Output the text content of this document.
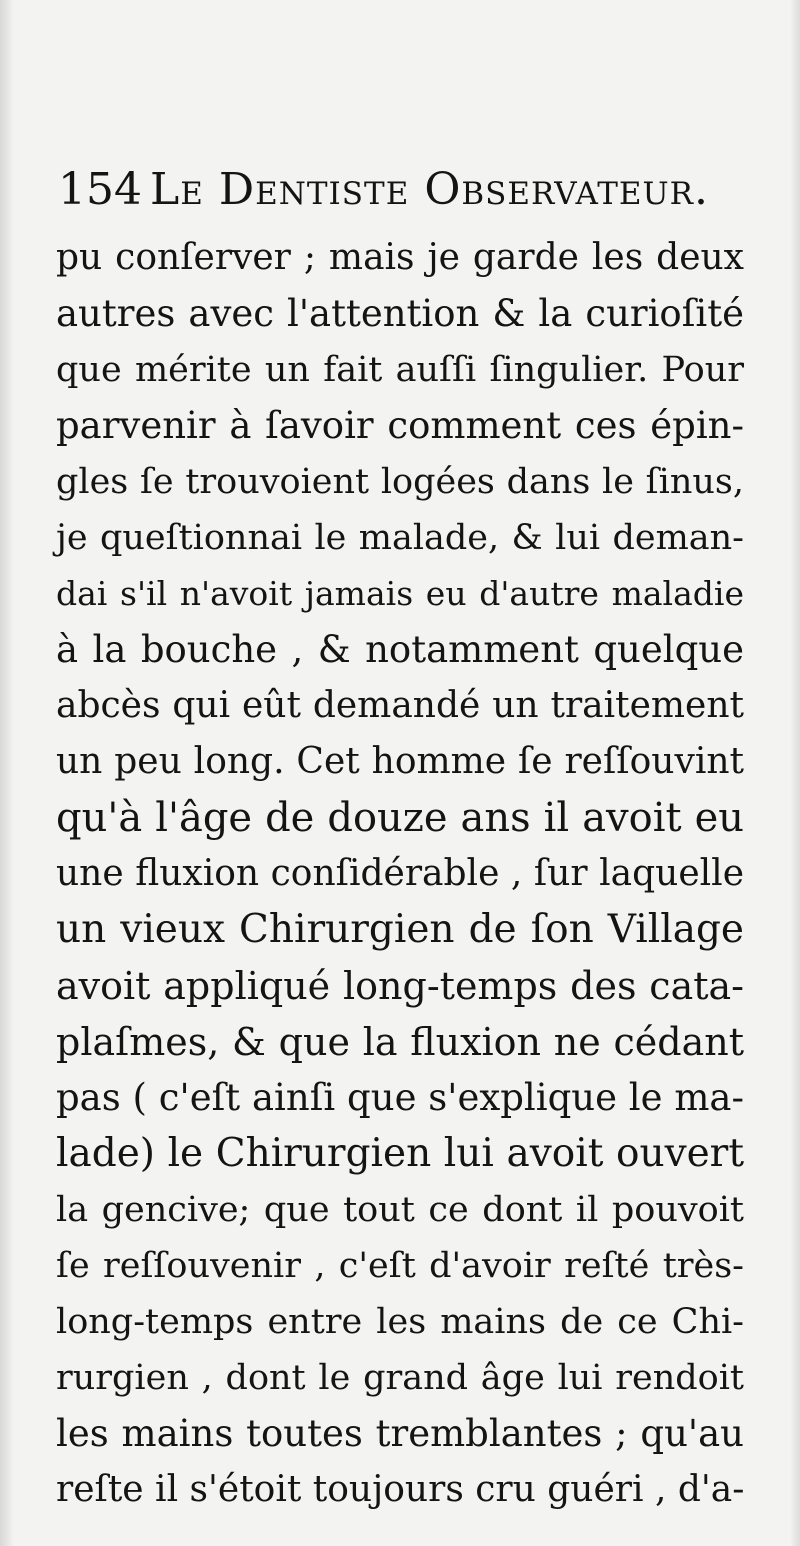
154 Le Dentiste Observateur.
pu conſerver ; mais je garde les deux
autres avec l'attention & la curioſité
que mérite un fait auſſi ſingulier. Pour
parvenir à ſavoir comment ces épin-
gles ſe trouvoient logées dans le ſinus,
je queſtionnai le malade, & lui deman-
dai s'il n'avoit jamais eu d'autre maladie
à la bouche , & notamment quelque
abcès qui eût demandé un traitement
un peu long. Cet homme ſe reſſouvint
qu'à l'âge de douze ans il avoit eu
une fluxion conſidérable , ſur laquelle
un vieux Chirurgien de ſon Village
avoit appliqué long-temps des cata-
plaſmes, & que la fluxion ne cédant
pas ( c'eſt ainſi que s'explique le ma-
lade) le Chirurgien lui avoit ouvert
la gencive; que tout ce dont il pouvoit
ſe reſſouvenir , c'eſt d'avoir reſté très-
long-temps entre les mains de ce Chi-
rurgien , dont le grand âge lui rendoit
les mains toutes tremblantes ; qu'au
reſte il s'étoit toujours cru guéri , d'a-
